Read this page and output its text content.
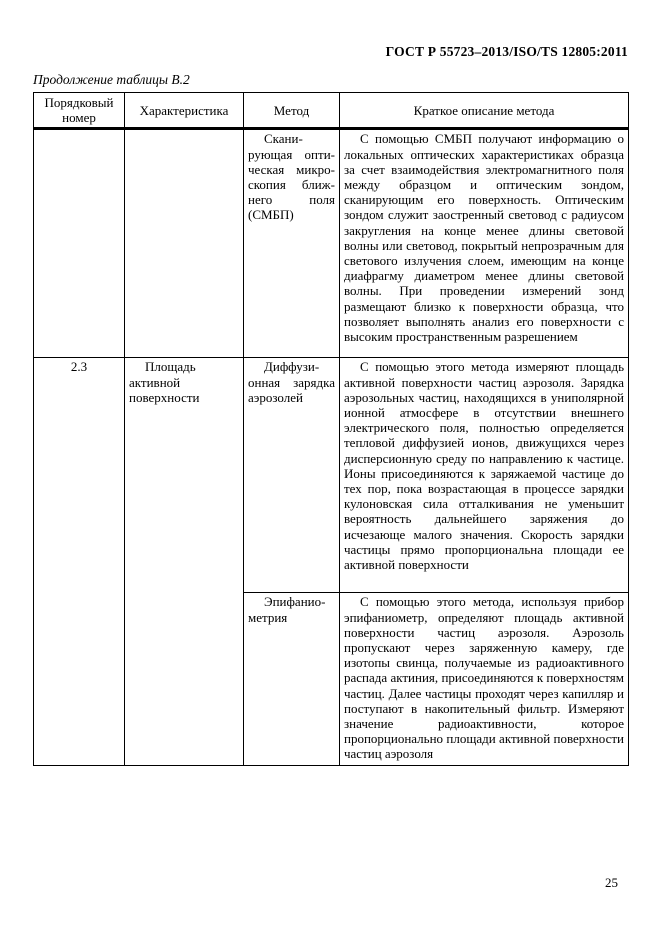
ГОСТ Р 55723–2013/ISO/TS 12805:2011
Продолжение таблицы В.2
Порядковый номер	Характеристика	Метод	Краткое описание метода
		Сканирующая оптическая микроскопия ближнего поля (СМБП)	С помощью СМБП получают информацию о локальных оптических характеристиках образца за счет взаимодействия электромагнитного поля между образцом и оптическим зондом, сканирующим его поверхность. Оптическим зондом служит заостренный световод с радиусом закругления на конце менее длины световой волны или световод, покрытый непрозрачным для светового излучения слоем, имеющим на конце диафрагму диаметром менее длины световой волны. При проведении измерений зонд размещают близко к поверхности образца, что позволяет выполнять анализ его поверхности с высоким пространственным разрешением
2.3	Площадь активной поверхности	Диффузионная зарядка аэрозолей	С помощью этого метода измеряют площадь активной поверхности частиц аэрозоля. Зарядка аэрозольных частиц, находящихся в униполярной ионной атмосфере в отсутствии внешнего электрического поля, полностью определяется тепловой диффузией ионов, движущихся через дисперсионную среду по направлению к частице. Ионы присоединяются к заряжаемой частице до тех пор, пока возрастающая в процессе зарядки кулоновская сила отталкивания не уменьшит вероятность дальнейшего заряжения до исчезающе малого значения. Скорость зарядки частицы прямо пропорциональна площади ее активной поверхности
		Эпифаниометрия	С помощью этого метода, используя прибор эпифаниометр, определяют площадь активной поверхности частиц аэрозоля. Аэрозоль пропускают через заряженную камеру, где изотопы свинца, получаемые из радиоактивного распада актиния, присоединяются к поверхностям частиц. Далее частицы проходят через капилляр и поступают в накопительный фильтр. Измеряют значение радиоактивности, которое пропорционально площади активной поверхности частиц аэрозоля
25
